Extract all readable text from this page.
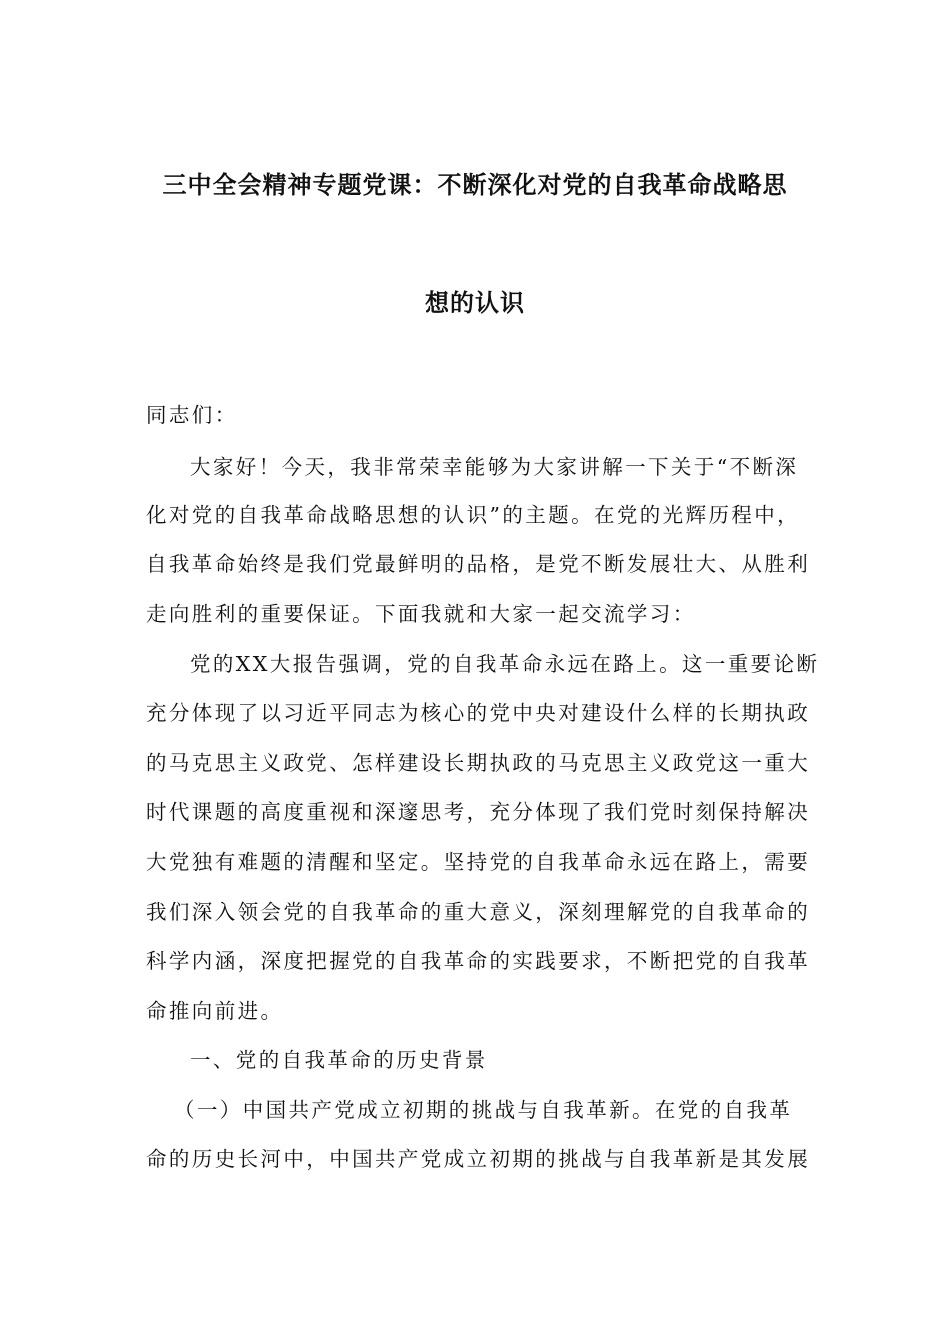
三中全会精神专题党课：不断深化对党的自我革命战略思
想的认识
同志们：
大家好！今天，我非常荣幸能够为大家讲解一下关于“不断深
化对党的自我革命战略思想的认识”的主题。在党的光辉历程中，
自我革命始终是我们党最鲜明的品格，是党不断发展壮大、从胜利
走向胜利的重要保证。下面我就和大家一起交流学习：
党的XX大报告强调，党的自我革命永远在路上。这一重要论断
充分体现了以习近平同志为核心的党中央对建设什么样的长期执政
的马克思主义政党、怎样建设长期执政的马克思主义政党这一重大
时代课题的高度重视和深邃思考，充分体现了我们党时刻保持解决
大党独有难题的清醒和坚定。坚持党的自我革命永远在路上，需要
我们深入领会党的自我革命的重大意义，深刻理解党的自我革命的
科学内涵，深度把握党的自我革命的实践要求，不断把党的自我革
命推向前进。
一、党的自我革命的历史背景
（一）中国共产党成立初期的挑战与自我革新。在党的自我革
命的历史长河中，中国共产党成立初期的挑战与自我革新是其发展
